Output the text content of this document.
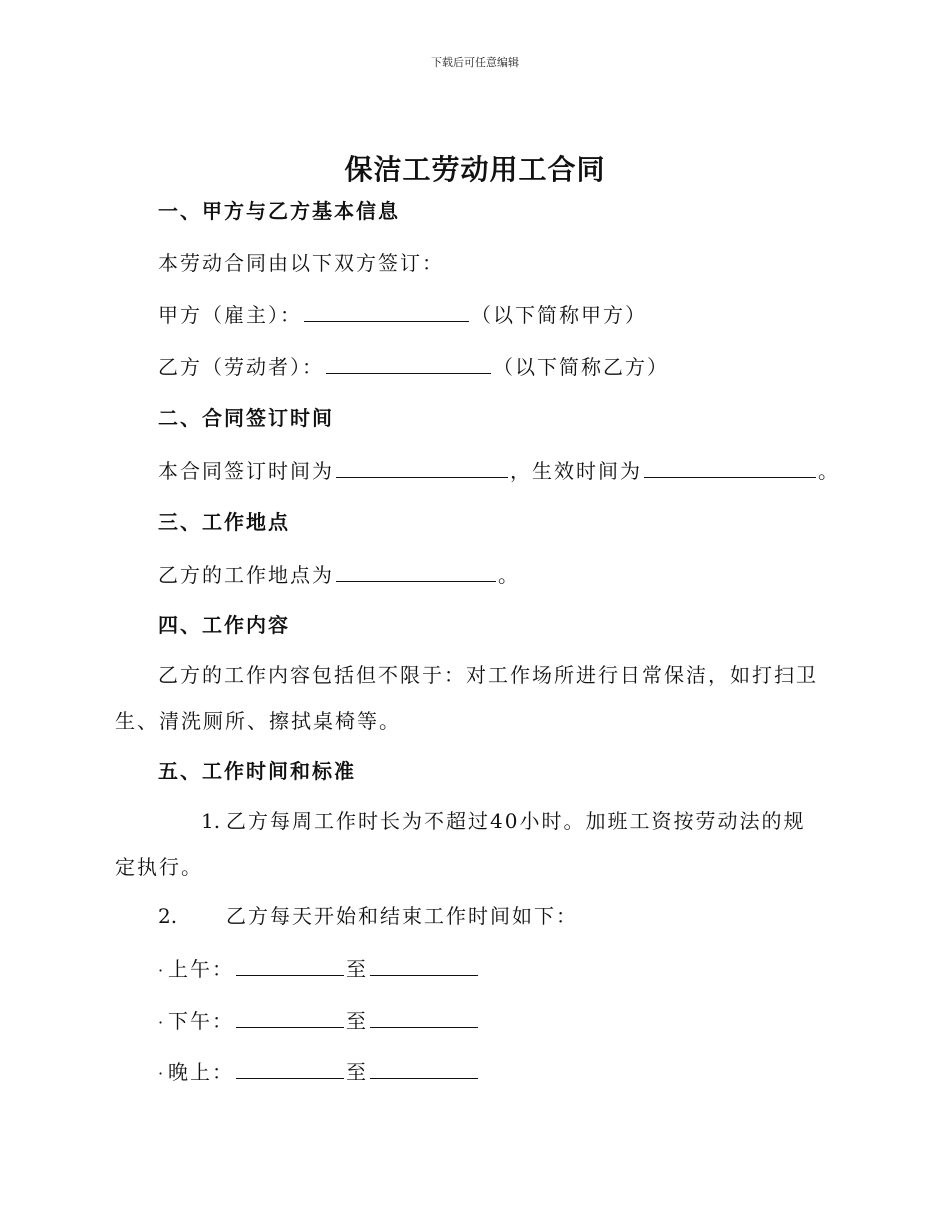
下载后可任意编辑
保洁工劳动用工合同
一、甲方与乙方基本信息
本劳动合同由以下双方签订：
甲方（雇主）：	（以下简称甲方）
乙方（劳动者）：	（以下简称乙方）
二、合同签订时间
本合同签订时间为	，生效时间为	。
三、工作地点
乙方的工作地点为	。
四、工作内容
乙方的工作内容包括但不限于：对工作场所进行日常保洁，如打扫卫生、清洗厕所、擦拭桌椅等。
五、工作时间和标准
1. 乙方每周工作时长为不超过40小时。加班工资按劳动法的规定执行。
2. 乙方每天开始和结束工作时间如下：
· 上午：	至
· 下午：	至
· 晚上：	至
